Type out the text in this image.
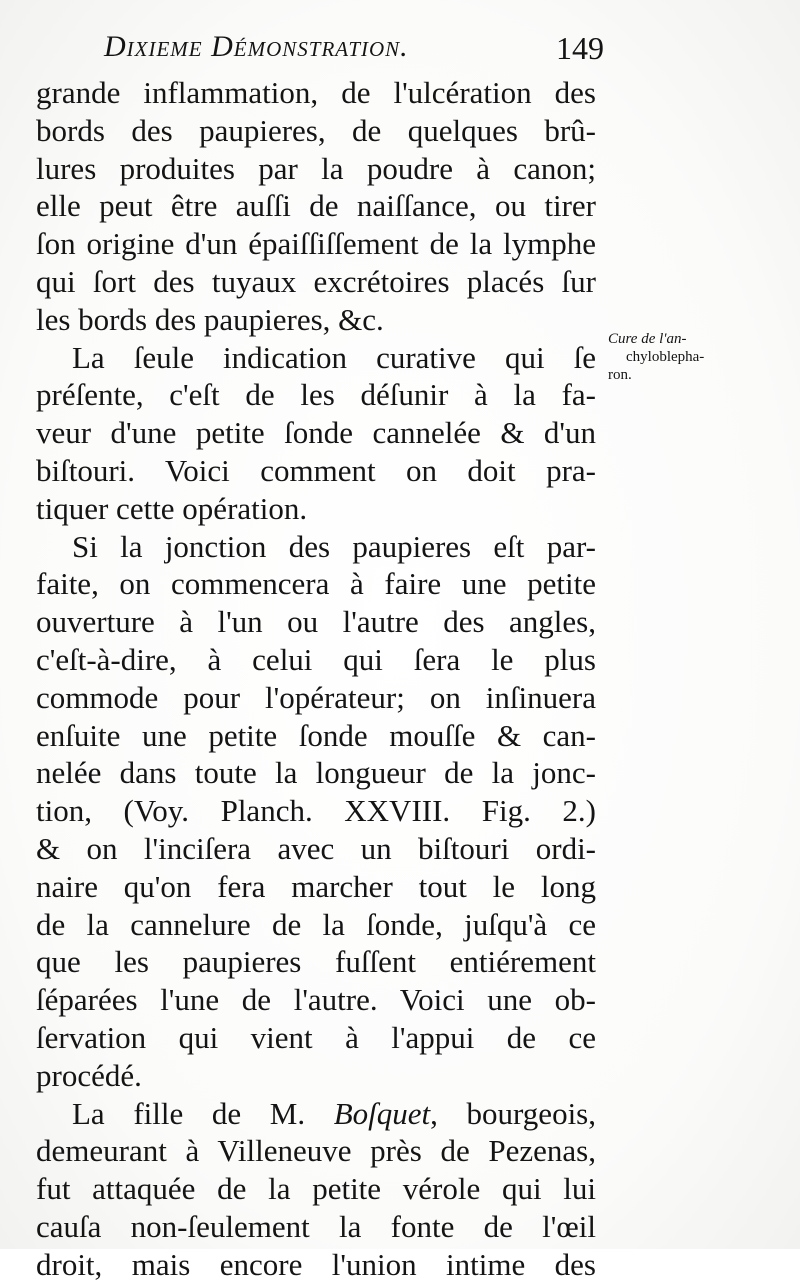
Dixieme Démonstration.	149
Cure de l'an-
chyloblepha-
ron.
grande inflammation, de l'ulcération des
bords des paupieres, de quelques brû-
lures produites par la poudre à canon;
elle peut être auſſi de naiſſance, ou tirer
ſon origine d'un épaiſſiſſement de la lymphe
qui ſort des tuyaux excrétoires placés ſur
les bords des paupieres, &c.
La ſeule indication curative qui ſe
préſente, c'eſt de les déſunir à la fa-
veur d'une petite ſonde cannelée & d'un
biſtouri. Voici comment on doit pra-
tiquer cette opération.
Si la jonction des paupieres eſt par-
faite, on commencera à faire une petite
ouverture à l'un ou l'autre des angles,
c'eſt-à-dire, à celui qui ſera le plus
commode pour l'opérateur; on inſinuera
enſuite une petite ſonde mouſſe & can-
nelée dans toute la longueur de la jonc-
tion, (Voy. Planch. XXVIII. Fig. 2.)
& on l'inciſera avec un biſtouri ordi-
naire qu'on fera marcher tout le long
de la cannelure de la ſonde, juſqu'à ce
que les paupieres fuſſent entiérement
ſéparées l'une de l'autre. Voici une ob-
ſervation qui vient à l'appui de ce
procédé.
La fille de M. Boſquet, bourgeois,
demeurant à Villeneuve près de Pezenas,
fut attaquée de la petite vérole qui lui
cauſa non-ſeulement la fonte de l'œil
droit, mais encore l'union intime des
